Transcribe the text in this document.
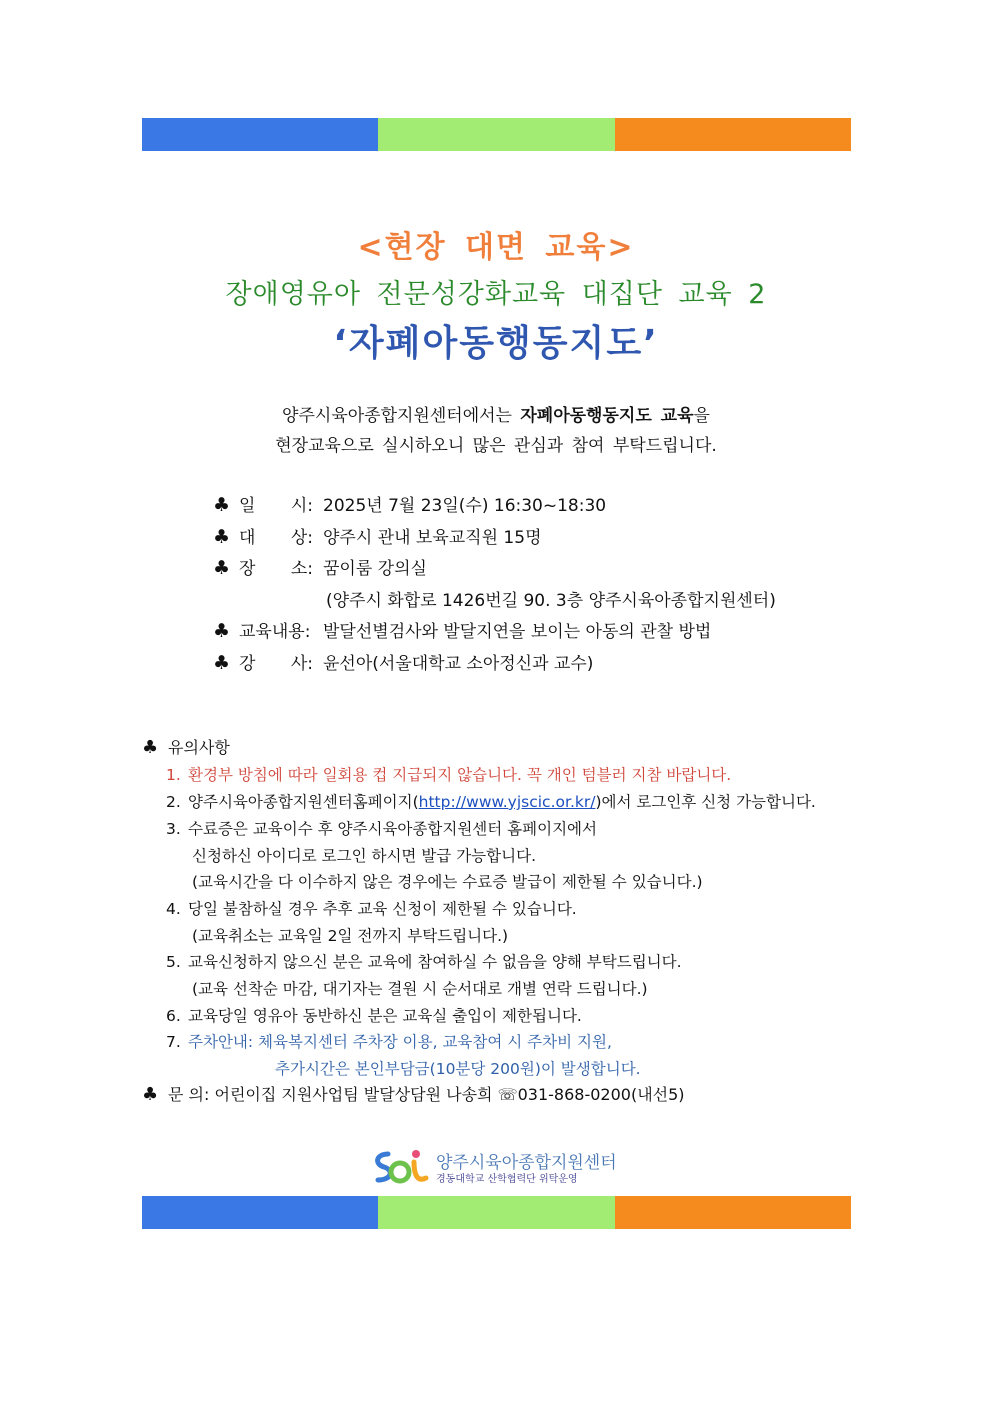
<현장 대면 교육>
장애영유아 전문성강화교육 대집단 교육 2
‘자폐아동행동지도’
양주시육아종합지원센터에서는 자폐아동행동지도 교육을
현장교육으로 실시하오니 많은 관심과 참여 부탁드립니다.
♣ 일 시: 2025년 7월 23일(수) 16:30~18:30
♣ 대 상: 양주시 관내 보육교직원 15명
♣ 장 소: 꿈이룸 강의실
(양주시 화합로 1426번길 90. 3층 양주시육아종합지원센터)
♣ 교육내용: 발달선별검사와 발달지연을 보이는 아동의 관찰 방법
♣ 강 사: 윤선아(서울대학교 소아정신과 교수)
♣ 유의사항
1. 환경부 방침에 따라 일회용 컵 지급되지 않습니다. 꼭 개인 텀블러 지참 바랍니다.
2. 양주시육아종합지원센터홈페이지(http://www.yjscic.or.kr/)에서 로그인후 신청 가능합니다.
3. 수료증은 교육이수 후 양주시육아종합지원센터 홈페이지에서
신청하신 아이디로 로그인 하시면 발급 가능합니다.
(교육시간을 다 이수하지 않은 경우에는 수료증 발급이 제한될 수 있습니다.)
4. 당일 불참하실 경우 추후 교육 신청이 제한될 수 있습니다.
(교육취소는 교육일 2일 전까지 부탁드립니다.)
5. 교육신청하지 않으신 분은 교육에 참여하실 수 없음을 양해 부탁드립니다.
(교육 선착순 마감, 대기자는 결원 시 순서대로 개별 연락 드립니다.)
6. 교육당일 영유아 동반하신 분은 교육실 출입이 제한됩니다.
7. 주차안내: 체육복지센터 주차장 이용, 교육참여 시 주차비 지원,
추가시간은 본인부담금(10분당 200원)이 발생합니다.
♣ 문 의: 어린이집 지원사업팀 발달상담원 나송희 ☏031-868-0200(내선5)
양주시육아종합지원센터
경동대학교 산학협력단 위탁운영
